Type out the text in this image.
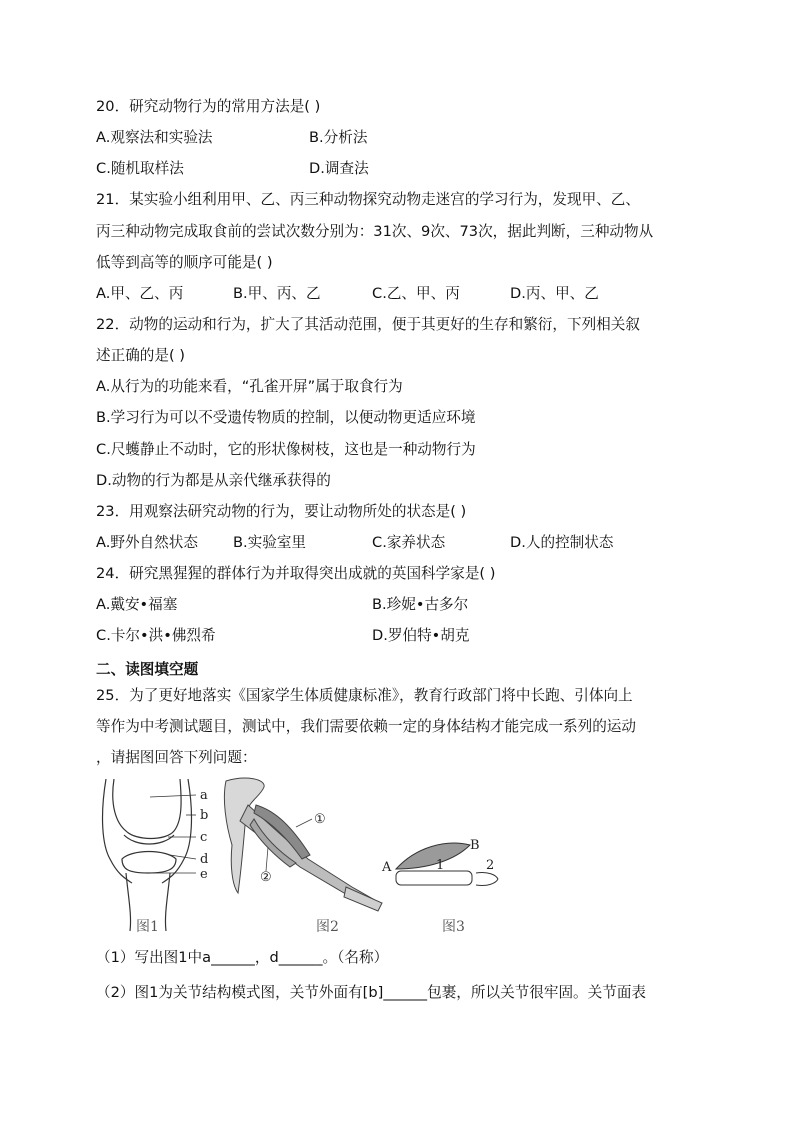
20．研究动物行为的常用方法是( )
A.观察法和实验法	B.分析法
C.随机取样法	D.调查法
21．某实验小组利用甲、乙、丙三种动物探究动物走迷宫的学习行为，发现甲、乙、
丙三种动物完成取食前的尝试次数分别为：31次、9次、73次，据此判断，三种动物从
低等到高等的顺序可能是( )
A.甲、乙、丙	B.甲、丙、乙	C.乙、甲、丙	D.丙、甲、乙
22．动物的运动和行为，扩大了其活动范围，便于其更好的生存和繁衍，下列相关叙
述正确的是( )
A.从行为的功能来看，“孔雀开屏”属于取食行为
B.学习行为可以不受遗传物质的控制，以便动物更适应环境
C.尺蠖静止不动时，它的形状像树枝，这也是一种动物行为
D.动物的行为都是从亲代继承获得的
23．用观察法研究动物的行为，要让动物所处的状态是( )
A.野外自然状态 B.实验室里	C.家养状态	D.人的控制状态
24．研究黑猩猩的群体行为并取得突出成就的英国科学家是( )
A.戴安•福塞	B.珍妮•古多尔
C.卡尔•洪•佛烈希	D.罗伯特•胡克
二、读图填空题
25．为了更好地落实《国家学生体质健康标准》，教育行政部门将中长跑、引体向上
等作为中考测试题目，测试中，我们需要依赖一定的身体结构才能完成一系列的运动
，请据图回答下列问题：
a
b
c
d
e
图1
①
②
图2
A
B
1	2
图3
（1）写出图1中a______，d______。（名称）
（2）图1为关节结构模式图，关节外面有[b]______包裹，所以关节很牢固。关节面表
